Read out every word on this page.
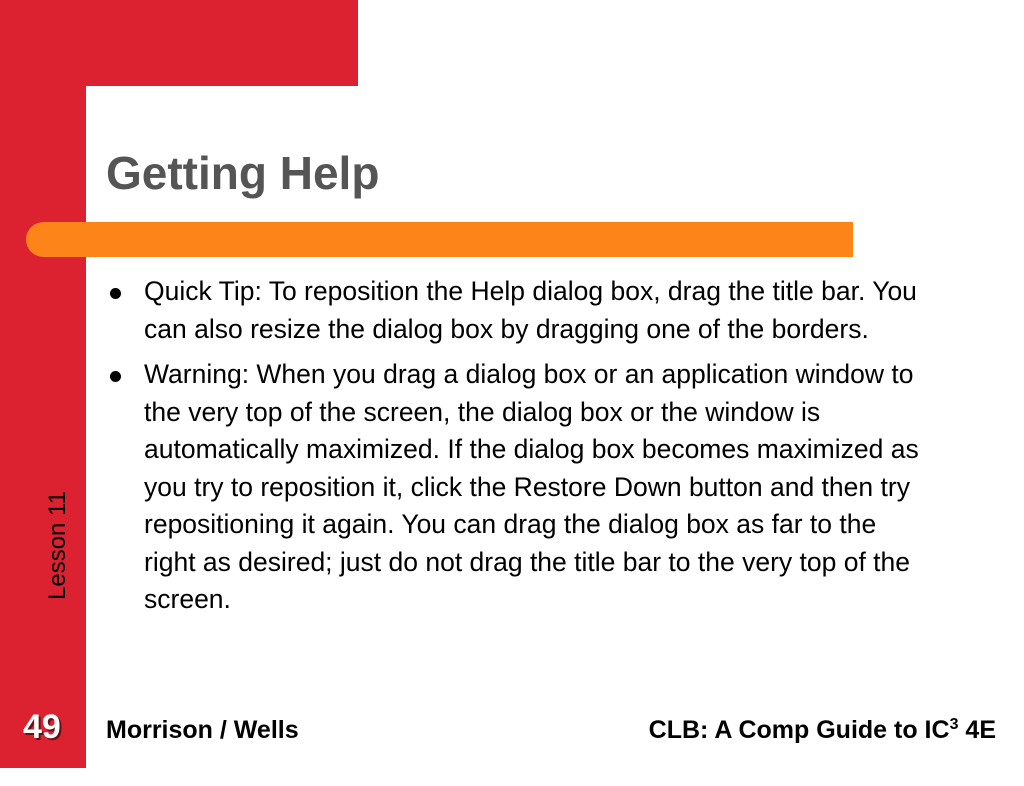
Getting Help
Quick Tip: To reposition the Help dialog box, drag the title bar. You can also resize the dialog box by dragging one of the borders.
Warning: When you drag a dialog box or an application window to the very top of the screen, the dialog box or the window is automatically maximized. If the dialog box becomes maximized as you try to reposition it, click the Restore Down button and then try repositioning it again. You can drag the dialog box as far to the right as desired; just do not drag the title bar to the very top of the screen.
Lesson 11
49 Morrison / Wells	CLB: A Comp Guide to $IC^3$ 4E
